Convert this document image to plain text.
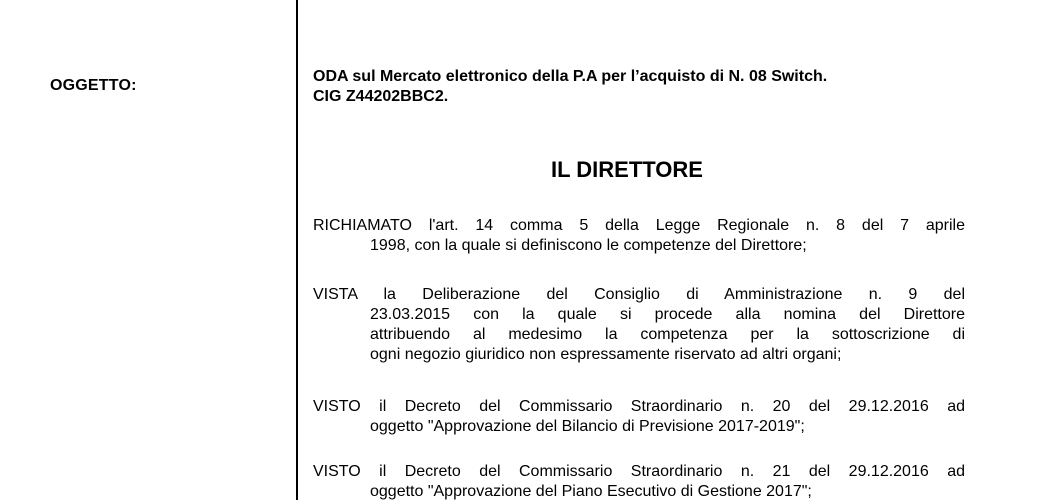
OGGETTO:
ODA sul Mercato elettronico della P.A per l’acquisto di N. 08 Switch.
CIG Z44202BBC2.
IL DIRETTORE
RICHIAMATO l'art. 14 comma 5 della Legge Regionale n. 8 del 7 aprile
1998, con la quale si definiscono le competenze del Direttore;
VISTA la Deliberazione del Consiglio di Amministrazione n. 9 del
23.03.2015 con la quale si procede alla nomina del Direttore
attribuendo al medesimo la competenza per la sottoscrizione di
ogni negozio giuridico non espressamente riservato ad altri organi;
VISTO il Decreto del Commissario Straordinario n. 20 del 29.12.2016 ad
oggetto "Approvazione del Bilancio di Previsione 2017-2019";
VISTO il Decreto del Commissario Straordinario n. 21 del 29.12.2016 ad
oggetto "Approvazione del Piano Esecutivo di Gestione 2017";
